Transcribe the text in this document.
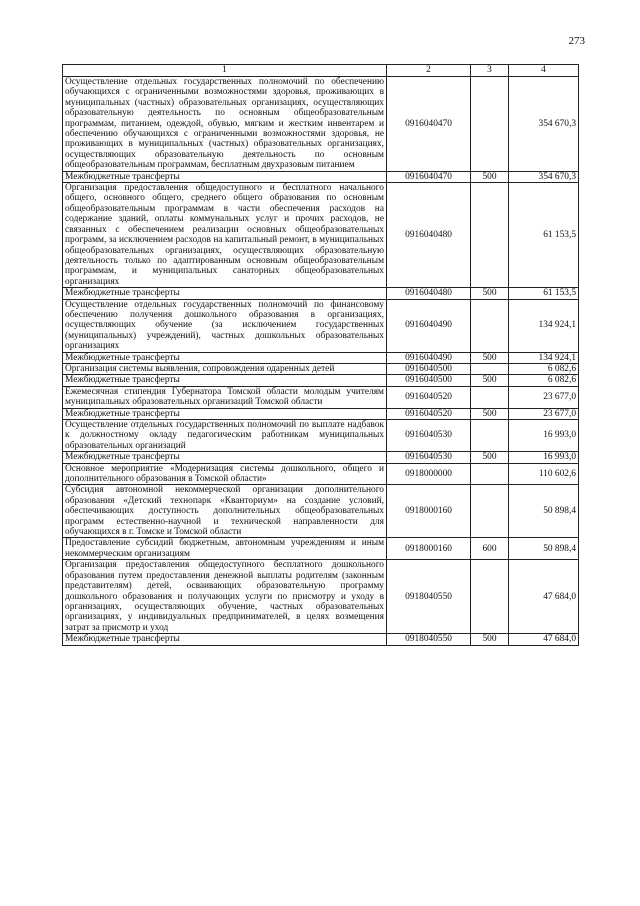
273
1	2	3	4
Осуществление отдельных государственных полномочий по обеспечению обучающихся с ограниченными возможностями здоровья, проживающих в муниципальных (частных) образовательных организациях, осуществляющих образовательную деятельность по основным общеобразовательным программам, питанием, одеждой, обувью, мягким и жестким инвентарем и обеспечению обучающихся с ограниченными возможностями здоровья, не проживающих в муниципальных (частных) образовательных организациях, осуществляющих образовательную деятельность по основным общеобразовательным программам, бесплатным двухразовым питанием	0916040470		354 670,3
Межбюджетные трансферты	0916040470	500	354 670,3
Организация предоставления общедоступного и бесплатного начального общего, основного общего, среднего общего образования по основным общеобразовательным программам в части обеспечения расходов на содержание зданий, оплаты коммунальных услуг и прочих расходов, не связанных с обеспечением реализации основных общеобразовательных программ, за исключением расходов на капитальный ремонт, в муниципальных общеобразовательных организациях, осуществляющих образовательную деятельность только по адаптированным основным общеобразовательным программам, и муниципальных санаторных общеобразовательных организациях	0916040480		61 153,5
Межбюджетные трансферты	0916040480	500	61 153,5
Осуществление отдельных государственных полномочий по финансовому обеспечению получения дошкольного образования в организациях, осуществляющих обучение (за исключением государственных (муниципальных) учреждений), частных дошкольных образовательных организациях	0916040490		134 924,1
Межбюджетные трансферты	0916040490	500	134 924,1
Организация системы выявления, сопровождения одаренных детей	0916040500		6 082,6
Межбюджетные трансферты	0916040500	500	6 082,6
Ежемесячная стипендия Губернатора Томской области молодым учителям муниципальных образовательных организаций Томской области	0916040520		23 677,0
Межбюджетные трансферты	0916040520	500	23 677,0
Осуществление отдельных государственных полномочий по выплате надбавок к должностному окладу педагогическим работникам муниципальных образовательных организаций	0916040530		16 993,0
Межбюджетные трансферты	0916040530	500	16 993,0
Основное мероприятие «Модернизация системы дошкольного, общего и дополнительного образования в Томской области»	0918000000		110 602,6
Субсидия автономной некоммерческой организации дополнительного образования «Детский технопарк «Кванториум» на создание условий, обеспечивающих доступность дополнительных общеобразовательных программ естественно-научной и технической направленности для обучающихся в г. Томске и Томской области	0918000160		50 898,4
Предоставление субсидий бюджетным, автономным учреждениям и иным некоммерческим организациям	0918000160	600	50 898,4
Организация предоставления общедоступного бесплатного дошкольного образования путем предоставления денежной выплаты родителям (законным представителям) детей, осваивающих образовательную программу дошкольного образования и получающих услуги по присмотру и уходу в организациях, осуществляющих обучение, частных образовательных организациях, у индивидуальных предпринимателей, в целях возмещения затрат за присмотр и уход	0918040550		47 684,0
Межбюджетные трансферты	0918040550	500	47 684,0
